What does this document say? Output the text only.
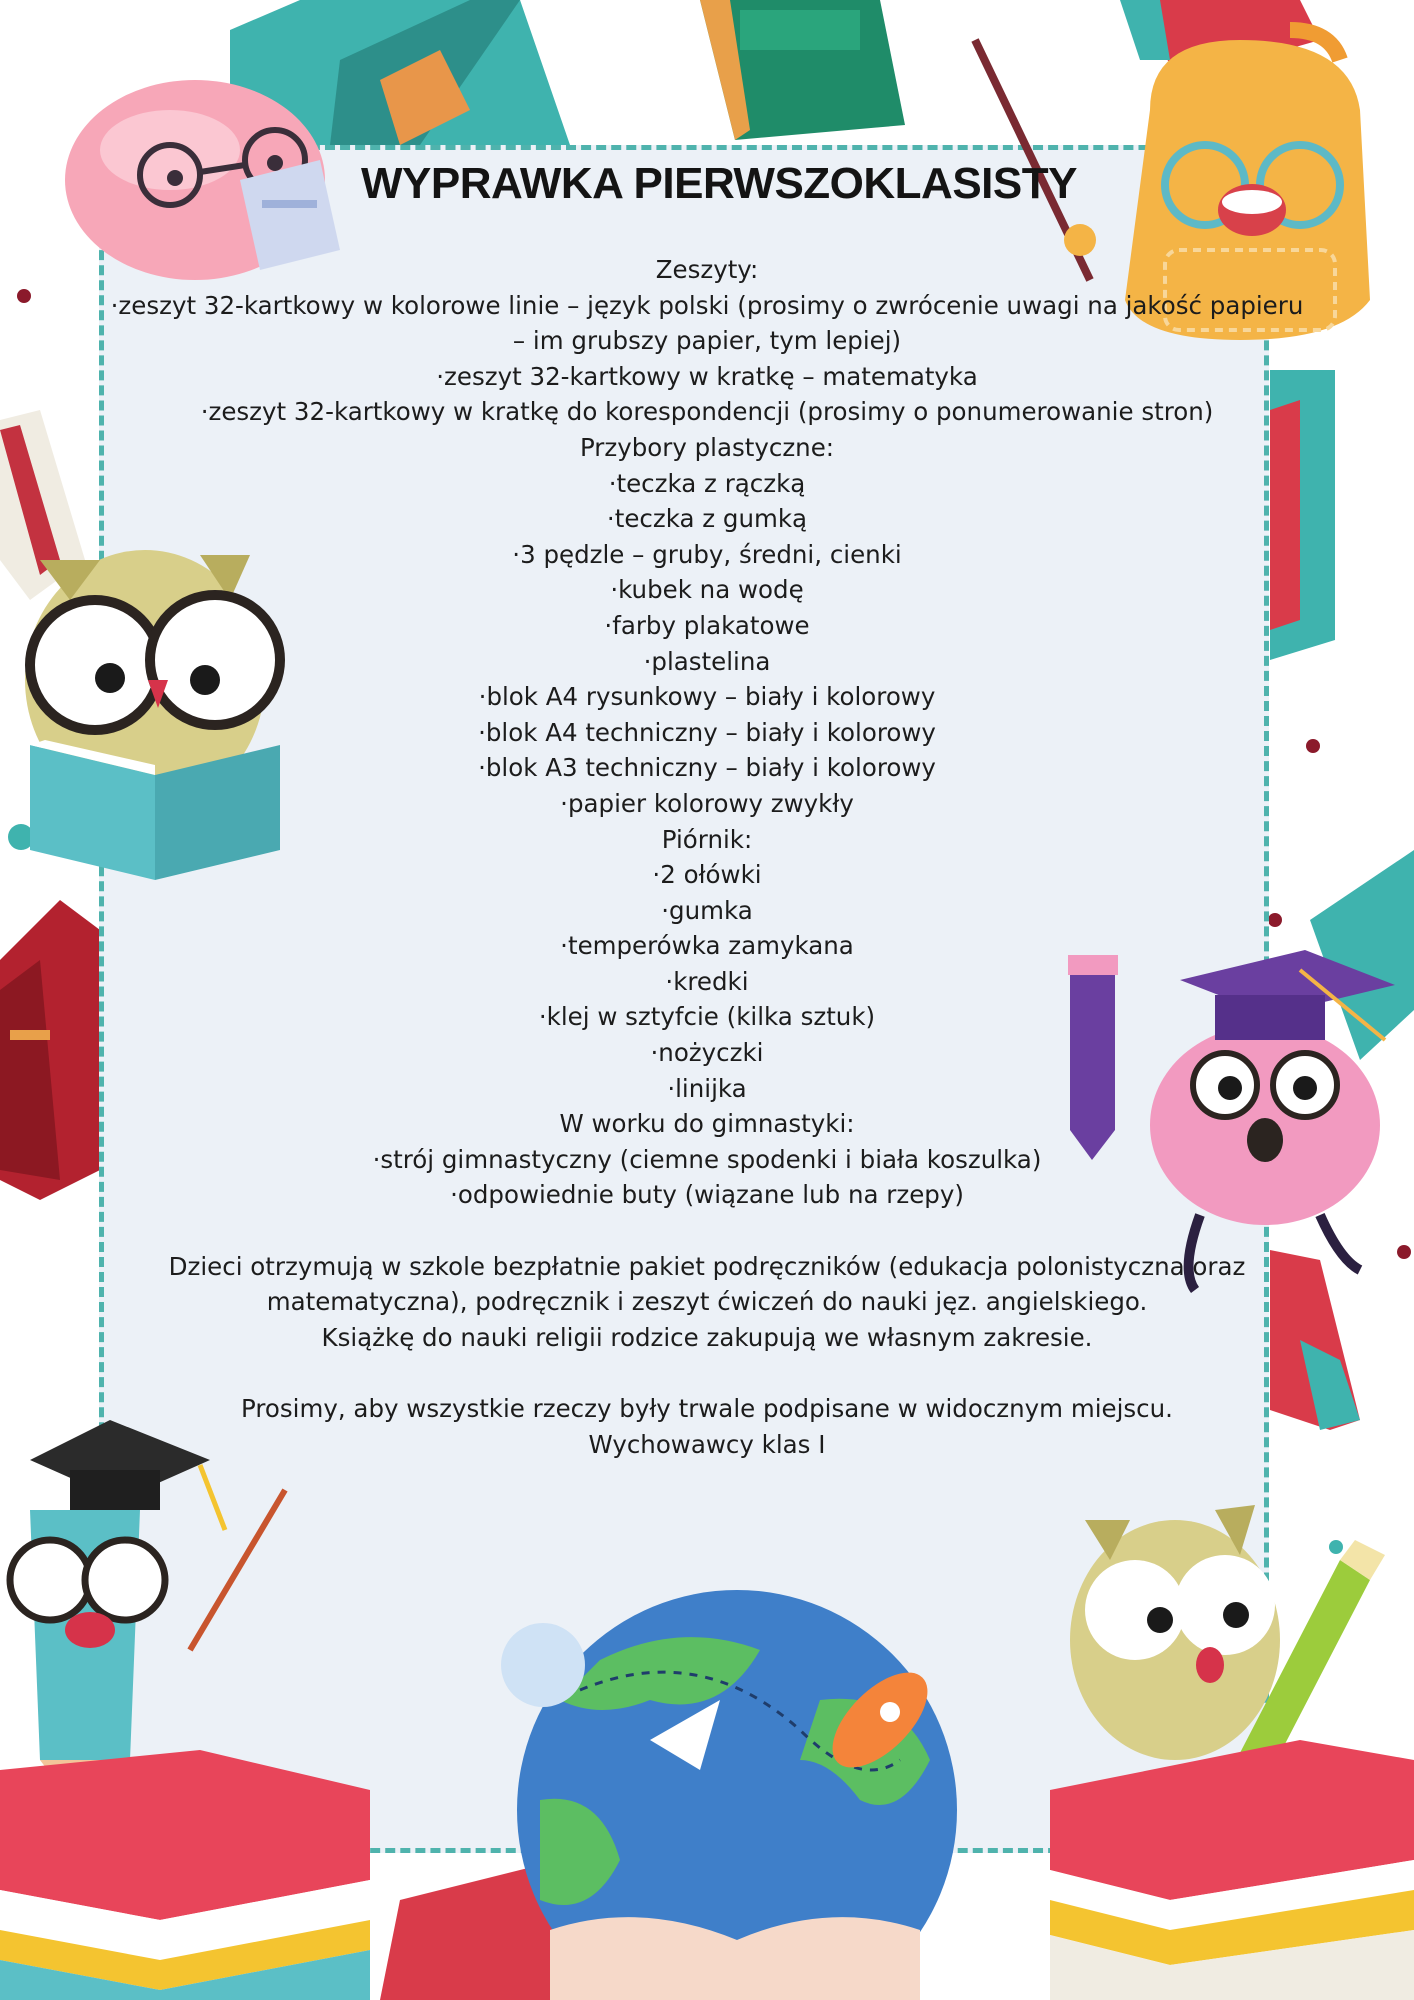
WYPRAWKA PIERWSZOKLASISTY

Zeszyty:

·zeszyt 32-kartkowy w kolorowe linie – język polski (prosimy o zwrócenie uwagi na jakość papieru

– im grubszy papier, tym lepiej)

·zeszyt 32-kartkowy w kratkę – matematyka

·zeszyt 32-kartkowy w kratkę do korespondencji (prosimy o ponumerowanie stron)

Przybory plastyczne:

·teczka z rączką

·teczka z gumką

·3 pędzle – gruby, średni, cienki

·kubek na wodę

·farby plakatowe

·plastelina

·blok A4 rysunkowy – biały i kolorowy

·blok A4 techniczny – biały i kolorowy

·blok A3 techniczny – biały i kolorowy

·papier kolorowy zwykły

Piórnik:

·2 ołówki

·gumka

·temperówka zamykana

·kredki

·klej w sztyfcie (kilka sztuk)

·nożyczki

·linijka

W worku do gimnastyki:

·strój gimnastyczny (ciemne spodenki i biała koszulka)

·odpowiednie buty (wiązane lub na rzepy)

Dzieci otrzymują w szkole bezpłatnie pakiet podręczników (edukacja polonistyczna oraz

matematyczna), podręcznik i zeszyt ćwiczeń do nauki jęz. angielskiego.

Książkę do nauki religii rodzice zakupują we własnym zakresie.

Prosimy, aby wszystkie rzeczy były trwale podpisane w widocznym miejscu.

Wychowawcy klas I
